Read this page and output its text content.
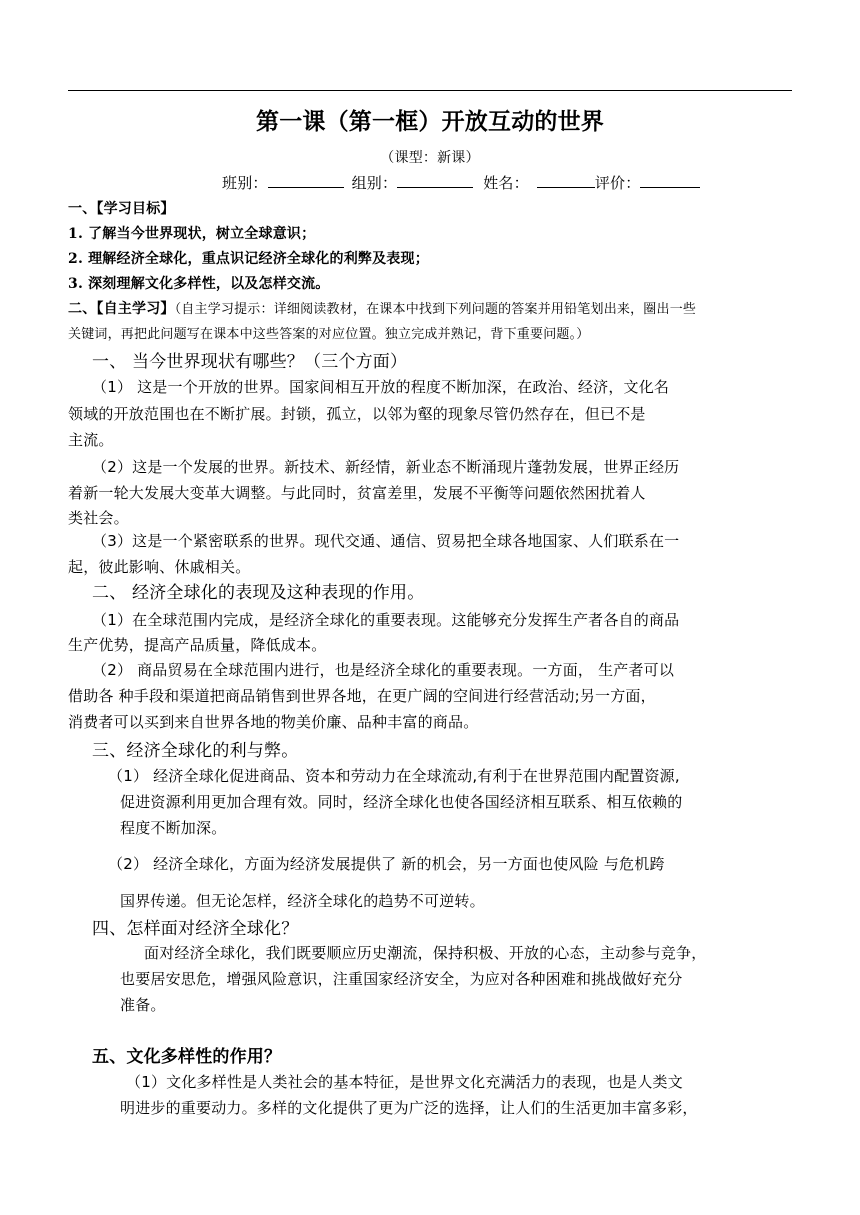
第一课（第一框）开放互动的世界
（课型：新课）
班别：	组别：	姓名：	评价：
一、【学习目标】
1. 了解当今世界现状，树立全球意识；
2. 理解经济全球化，重点识记经济全球化的利弊及表现；
3. 深刻理解文化多样性，以及怎样交流。
二、【自主学习】（自主学习提示：详细阅读教材，在课本中找到下列问题的答案并用铅笔划出来，圈出一些
关键词，再把此问题写在课本中这些答案的对应位置。独立完成并熟记，背下重要问题。）
一、 当今世界现状有哪些？（三个方面）
（1） 这是一个开放的世界。国家间相互开放的程度不断加深，在政治、经济，文化名
领域的开放范围也在不断扩展。封锁，孤立，以邻为壑的现象尽管仍然存在，但已不是
主流。
（2）这是一个发展的世界。新技术、新经情，新业态不断涌现片蓬勃发展，世界正经历
着新一轮大发展大变革大调整。与此同时，贫富差里，发展不平衡等问题依然困扰着人
类社会。
（3）这是一个紧密联系的世界。现代交通、通信、贸易把全球各地国家、人们联系在一
起，彼此影响、休戚相关。
二、 经济全球化的表现及这种表现的作用。
（1）在全球范围内完成，是经济全球化的重要表现。这能够充分发挥生产者各自的商品
生产优势，提高产品质量，降低成本。
（2） 商品贸易在全球范围内进行，也是经济全球化的重要表现。一方面， 生产者可以
借助各 种手段和渠道把商品销售到世界各地，在更广阔的空间进行经营活动;另一方面，
消费者可以买到来自世界各地的物美价廉、品种丰富的商品。
三、经济全球化的利与弊。
（1） 经济全球化促进商品、资本和劳动力在全球流动,有利于在世界范围内配置资源,
促进资源利用更加合理有效。同时，经济全球化也使各国经济相互联系、相互依赖的
程度不断加深。
（2） 经济全球化，方面为经济发展提供了 新的机会，另一方面也使风险 与危机跨
国界传递。但无论怎样，经济全球化的趋势不可逆转。
四、怎样面对经济全球化？
面对经济全球化，我们既要顺应历史潮流，保持积极、开放的心态，主动参与竞争，
也要居安思危，增强风险意识，注重国家经济安全，为应对各种困难和挑战做好充分
准备。
五、文化多样性的作用？
（1）文化多样性是人类社会的基本特征，是世界文化充满活力的表现，也是人类文
明进步的重要动力。多样的文化提供了更为广泛的选择，让人们的生活更加丰富多彩，
